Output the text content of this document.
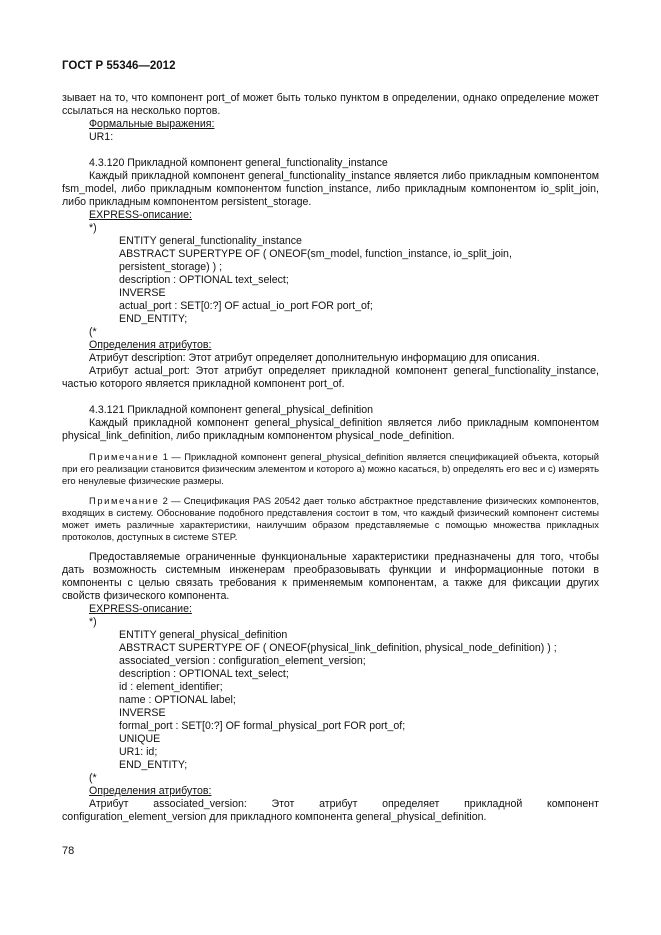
ГОСТ Р 55346—2012

зывает на то, что компонент port_of может быть только пунктом в определении, однако определение может ссылаться на несколько портов.

Формальные выражения:

UR1:

4.3.120 Прикладной компонент general_functionality_instance

Каждый прикладной компонент general_functionality_instance является либо прикладным компонентом fsm_model, либо прикладным компонентом function_instance, либо прикладным компонентом io_split_join, либо прикладным компонентом persistent_storage.

EXPRESS-описание:

*)

ENTITY general_functionality_instance

ABSTRACT SUPERTYPE OF ( ONEOF(sm_model, function_instance, io_split_join, persistent_storage) ) ;

description : OPTIONAL text_select;

INVERSE

actual_port : SET[0:?] OF actual_io_port FOR port_of;

END_ENTITY;

(*

Определения атрибутов:

Атрибут description: Этот атрибут определяет дополнительную информацию для описания.

Атрибут actual_port: Этот атрибут определяет прикладной компонент general_functionality_instance, частью которого является прикладной компонент port_of.

4.3.121 Прикладной компонент general_physical_definition

Каждый прикладной компонент general_physical_definition является либо прикладным компонентом physical_link_definition, либо прикладным компонентом physical_node_definition.

Примечание 1 — Прикладной компонент general_physical_definition является спецификацией объекта, который при его реализации становится физическим элементом и которого а) можно касаться, b) определять его вес и с) измерять его ненулевые физические размеры.

Примечание 2 — Спецификация PAS 20542 дает только абстрактное представление физических компонентов, входящих в систему. Обоснование подобного представления состоит в том, что каждый физический компонент системы может иметь различные характеристики, наилучшим образом представляемые с помощью множества прикладных протоколов, доступных в системе STEP.

Предоставляемые ограниченные функциональные характеристики предназначены для того, чтобы дать возможность системным инженерам преобразовывать функции и информационные потоки в компоненты с целью связать требования к применяемым компонентам, а также для фиксации других свойств физического компонента.

EXPRESS-описание:

*)

ENTITY general_physical_definition

ABSTRACT SUPERTYPE OF ( ONEOF(physical_link_definition, physical_node_definition) ) ;

associated_version : configuration_element_version;

description : OPTIONAL text_select;

id : element_identifier;

name : OPTIONAL label;

INVERSE

formal_port : SET[0:?] OF formal_physical_port FOR port_of;

UNIQUE

UR1: id;

END_ENTITY;

(*

Определения атрибутов:

Атрибут associated_version: Этот атрибут определяет прикладной компонент configuration_element_version для прикладного компонента general_physical_definition.

78
